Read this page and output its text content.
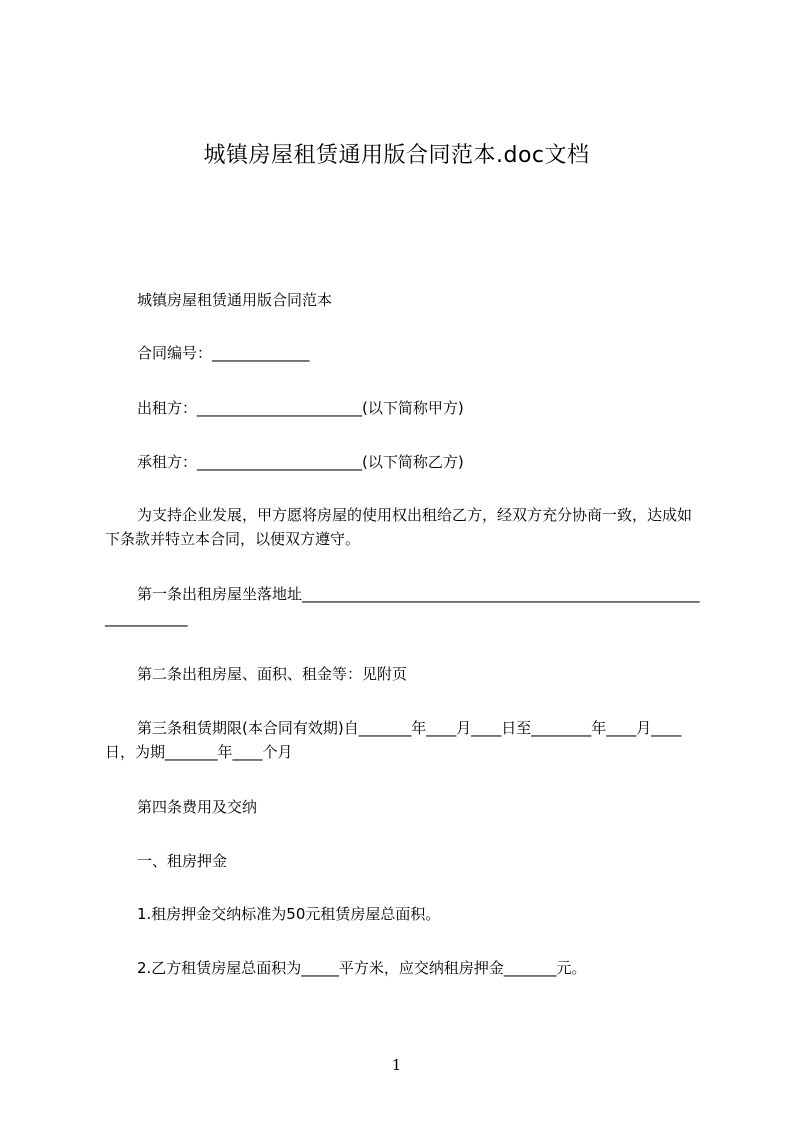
城镇房屋租赁通用版合同范本.doc文档
城镇房屋租赁通用版合同范本
合同编号：_____________
出租方：______________________(以下简称甲方)
承租方：______________________(以下简称乙方)
为支持企业发展，甲方愿将房屋的使用权出租给乙方，经双方充分协商一致，达成如下条款并特立本合同，以便双方遵守。
第一条出租房屋坐落地址________________________________________________________________
第二条出租房屋、面积、租金等：见附页
第三条租赁期限(本合同有效期)自_______年____月____日至________年____月____日，为期_______年____个月
第四条费用及交纳
一、租房押金
1.租房押金交纳标准为50元租赁房屋总面积。
2.乙方租赁房屋总面积为_____平方米，应交纳租房押金_______元。
1
